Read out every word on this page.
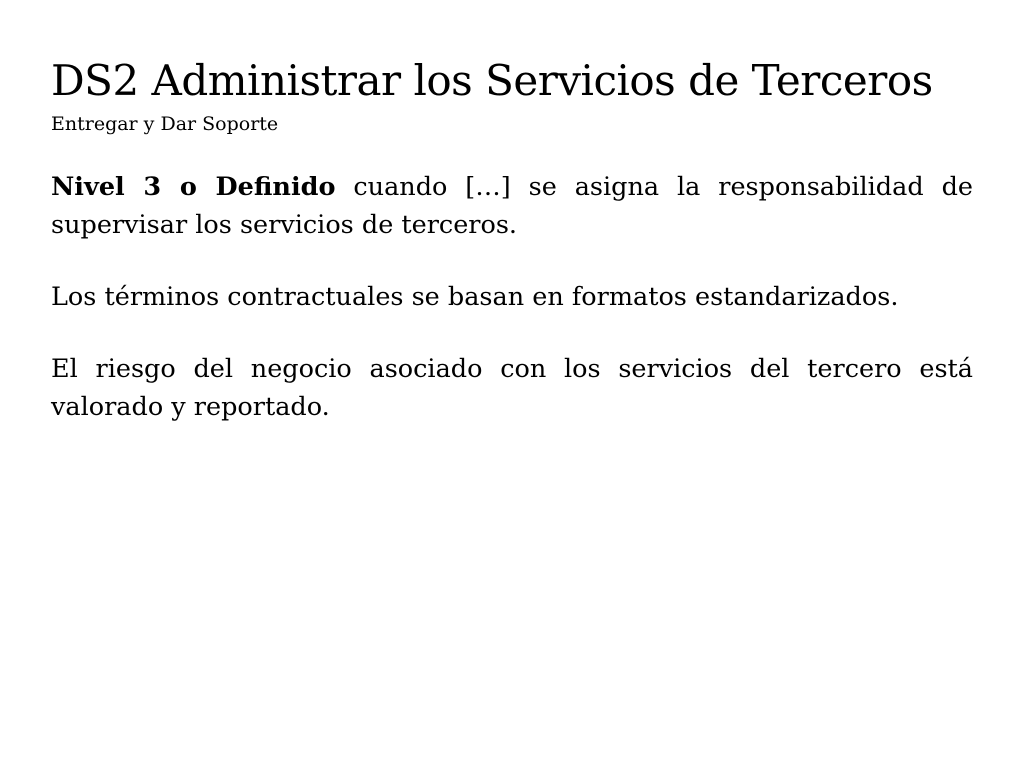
DS2 Administrar los Servicios de Terceros
Entregar y Dar Soporte

Nivel 3 o Definido cuando […] se asigna la responsabilidad de supervisar los servicios de terceros.

Los términos contractuales se basan en formatos estandarizados.

El riesgo del negocio asociado con los servicios del tercero está valorado y reportado.
